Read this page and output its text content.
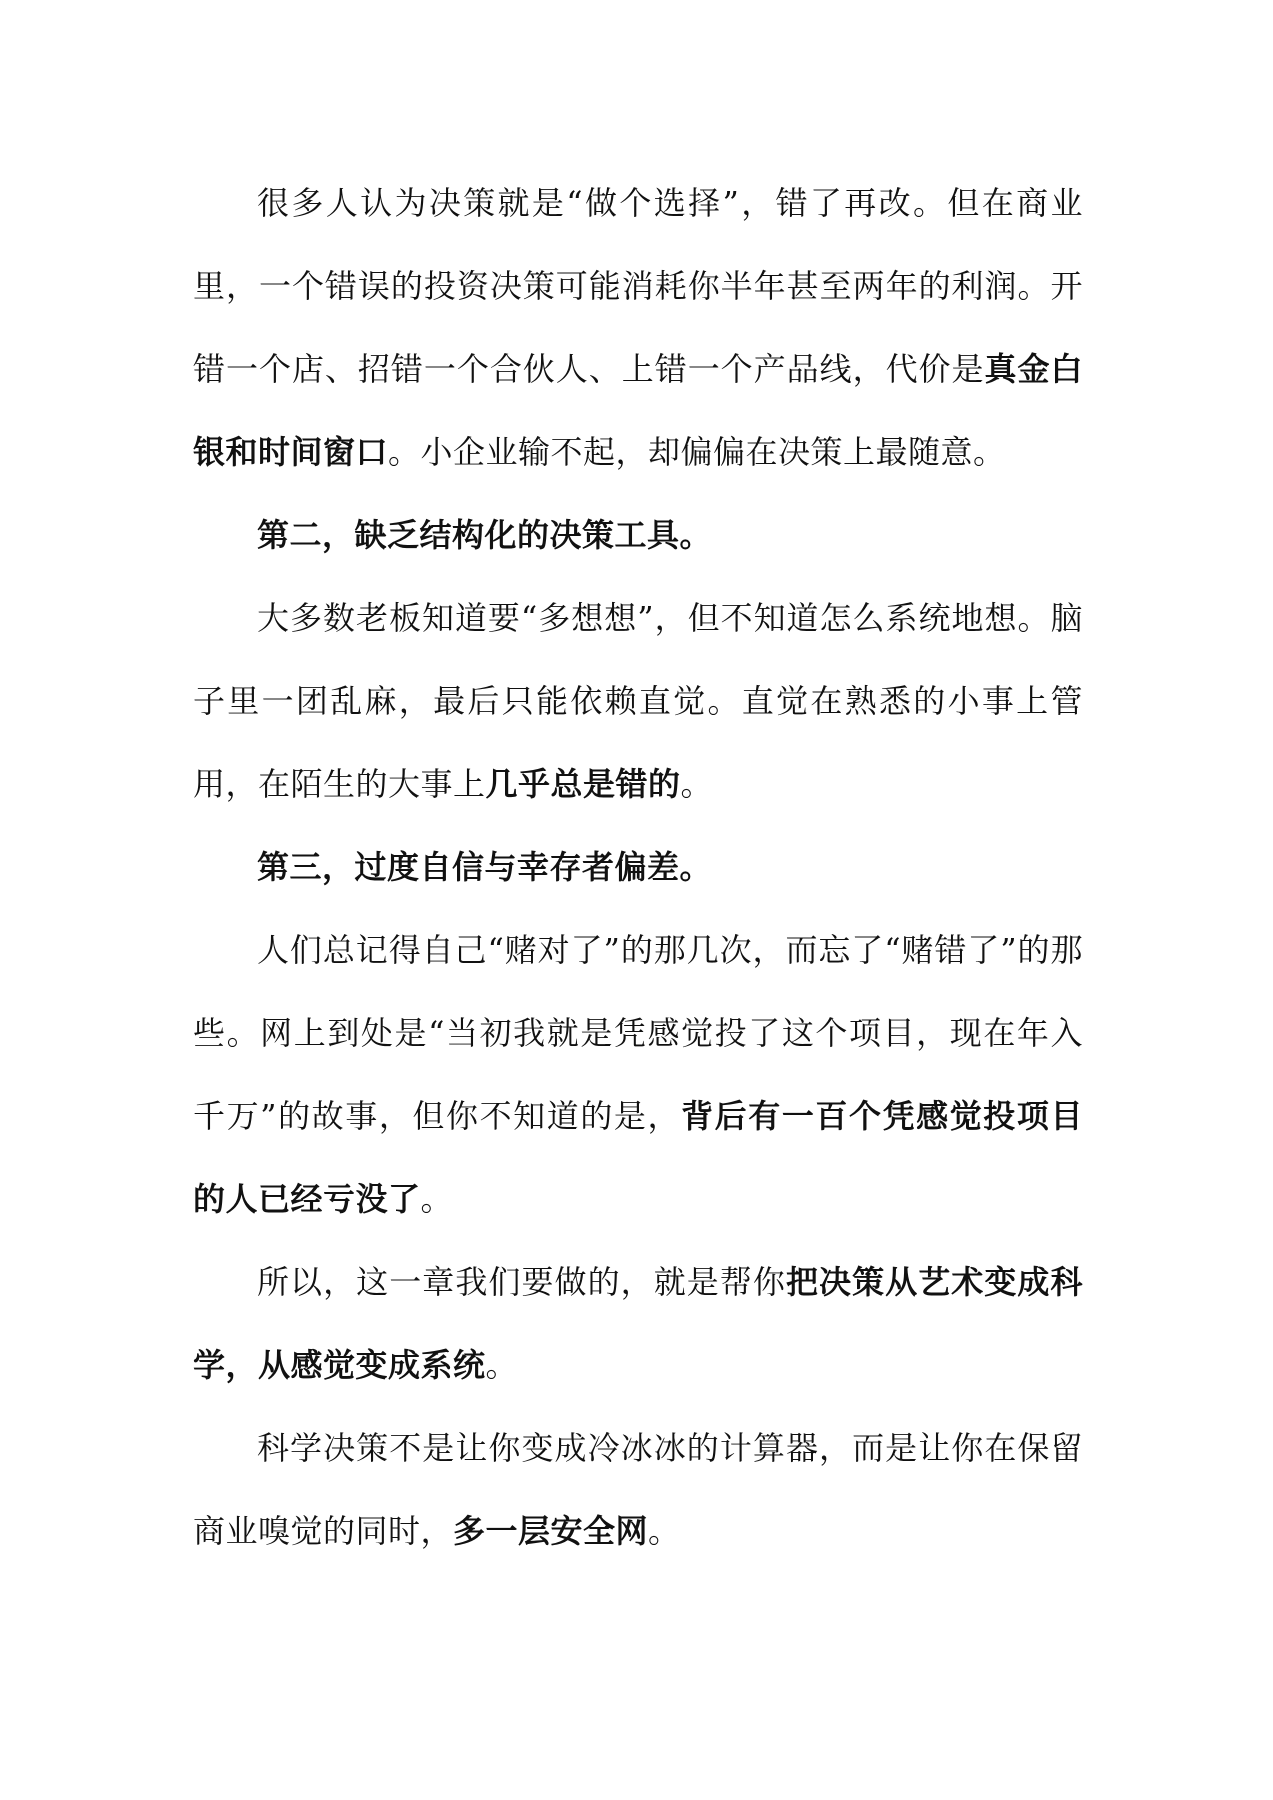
很多人认为决策就是“做个选择”，错了再改。但在商业里，一个错误的投资决策可能消耗你半年甚至两年的利润。开错一个店、招错一个合伙人、上错一个产品线，代价是真金白银和时间窗口。小企业输不起，却偏偏在决策上最随意。

第二，缺乏结构化的决策工具。

大多数老板知道要“多想想”，但不知道怎么系统地想。脑子里一团乱麻，最后只能依赖直觉。直觉在熟悉的小事上管用，在陌生的大事上几乎总是错的。

第三，过度自信与幸存者偏差。

人们总记得自己“赌对了”的那几次，而忘了“赌错了”的那些。网上到处是“当初我就是凭感觉投了这个项目，现在年入千万”的故事，但你不知道的是，背后有一百个凭感觉投项目的人已经亏没了。

所以，这一章我们要做的，就是帮你把决策从艺术变成科学，从感觉变成系统。

科学决策不是让你变成冷冰冰的计算器，而是让你在保留商业嗅觉的同时，多一层安全网。
